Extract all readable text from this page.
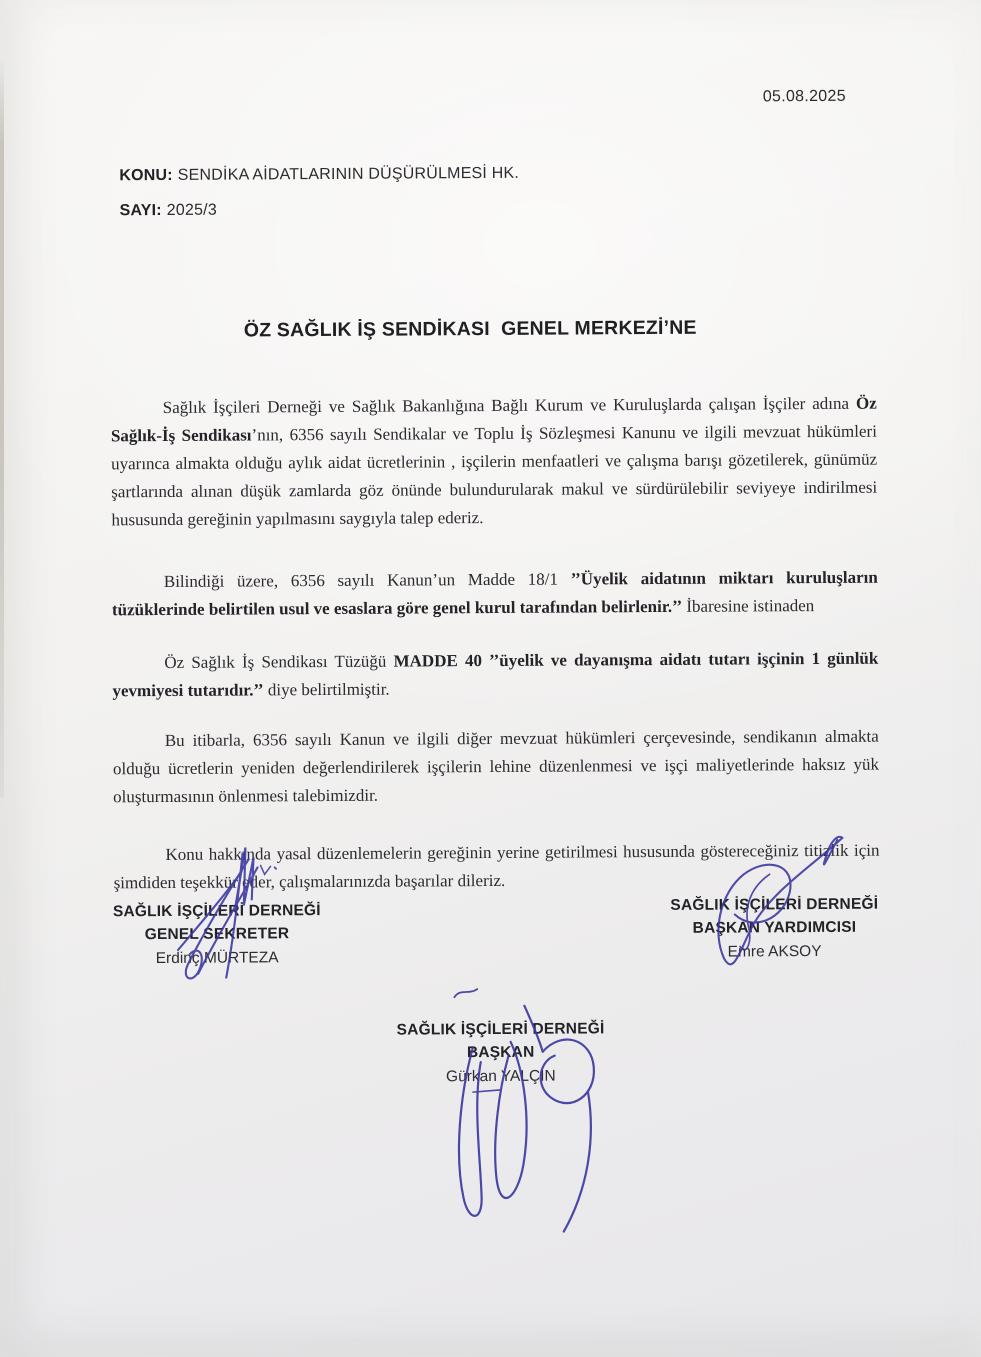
05.08.2025
KONU: SENDİKA AİDATLARININ DÜŞÜRÜLMESİ HK.
SAYI: 2025/3
ÖZ SAĞLIK İŞ SENDİKASI  GENEL MERKEZİ’NE

Sağlık İşçileri Derneği ve Sağlık Bakanlığına Bağlı Kurum ve Kuruluşlarda çalışan İşçiler adına Öz Sağlık-İş Sendikası’nın, 6356 sayılı Sendikalar ve Toplu İş Sözleşmesi Kanunu ve ilgili mevzuat hükümleri uyarınca almakta olduğu aylık aidat ücretlerinin , işçilerin menfaatleri ve çalışma barışı gözetilerek, günümüz şartlarında alınan düşük zamlarda göz önünde bulundurularak makul ve sürdürülebilir seviyeye indirilmesi hususunda gereğinin yapılmasını saygıyla talep ederiz.

Bilindiği üzere, 6356 sayılı Kanun’un Madde 18/1 ’’Üyelik aidatının miktarı kuruluşların tüzüklerinde belirtilen usul ve esaslara göre genel kurul tarafından belirlenir.’’ İbaresine istinaden

Öz Sağlık İş Sendikası Tüzüğü MADDE 40 ’’üyelik ve dayanışma aidatı tutarı işçinin 1 günlük yevmiyesi tutarıdır.’’ diye belirtilmiştir.

Bu itibarla, 6356 sayılı Kanun ve ilgili diğer mevzuat hükümleri çerçevesinde, sendikanın almakta olduğu ücretlerin yeniden değerlendirilerek işçilerin lehine düzenlenmesi ve işçi maliyetlerinde haksız yük oluşturmasının önlenmesi talebimizdir.

Konu hakkında yasal düzenlemelerin gereğinin yerine getirilmesi hususunda göstereceğiniz titizlik için şimdiden teşekkür eder, çalışmalarınızda başarılar dileriz.

SAĞLIK İŞÇİLERİ DERNEĞİ
GENEL SEKRETER
Erdinç MÜRTEZA
SAĞLIK İŞÇİLERİ DERNEĞİ
BAŞKAN YARDIMCISI
Emre AKSOY
SAĞLIK İŞÇİLERİ DERNEĞİ
BAŞKAN
Gürkan YALÇIN
